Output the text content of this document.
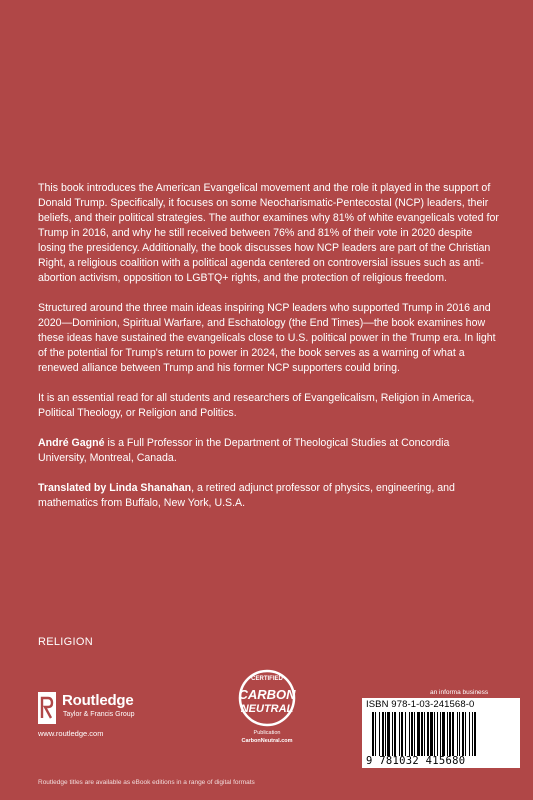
This book introduces the American Evangelical movement and the role it played in the support of Donald Trump. Specifically, it focuses on some Neocharismatic-Pentecostal (NCP) leaders, their beliefs, and their political strategies. The author examines why 81% of white evangelicals voted for Trump in 2016, and why he still received between 76% and 81% of their vote in 2020 despite losing the presidency. Additionally, the book discusses how NCP leaders are part of the Christian Right, a religious coalition with a political agenda centered on controversial issues such as anti-abortion activism, opposition to LGBTQ+ rights, and the protection of religious freedom.

Structured around the three main ideas inspiring NCP leaders who supported Trump in 2016 and 2020—Dominion, Spiritual Warfare, and Eschatology (the End Times)—the book examines how these ideas have sustained the evangelicals close to U.S. political power in the Trump era. In light of the potential for Trump's return to power in 2024, the book serves as a warning of what a renewed alliance between Trump and his former NCP supporters could bring.

It is an essential read for all students and researchers of Evangelicalism, Religion in America, Political Theology, or Religion and Politics.

André Gagné is a Full Professor in the Department of Theological Studies at Concordia University, Montreal, Canada.

Translated by Linda Shanahan, a retired adjunct professor of physics, engineering, and mathematics from Buffalo, New York, U.S.A.

RELIGION
Routledge
Taylor & Francis Group
www.routledge.com
CERTIFIED
CARBON
NEUTRAL
Publication
CarbonNeutral.com
an informa business
ISBN 978-1-03-241568-0
9 781032 415680
Routledge titles are available as eBook editions in a range of digital formats
